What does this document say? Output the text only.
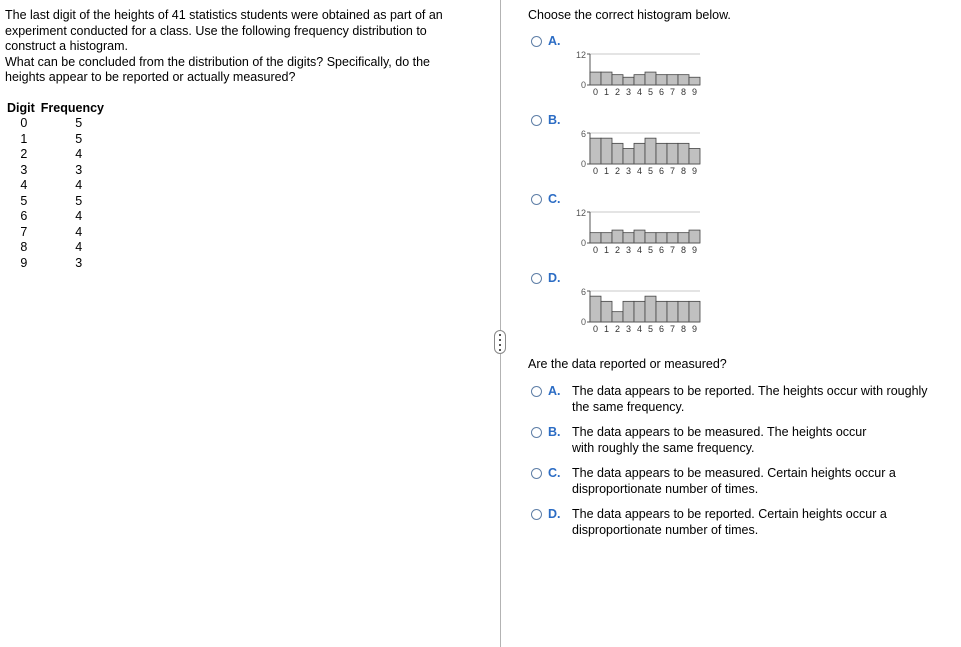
The last digit of the heights of 41 statistics students were obtained as part of an

experiment conducted for a class. Use the following frequency distribution to

construct a histogram.

What can be concluded from the distribution of the digits? Specifically, do the

heights appear to be reported or actually measured?

Digit	Frequency
0	5
1	5
2	4
3	3
4	4
5	5
6	4
7	4
8	4
9	3
Choose the correct histogram below.
A.
12
0
0 1 2 3 4 5 6 7 8 9
B.
6
0
0 1 2 3 4 5 6 7 8 9
C.
12
0
0 1 2 3 4 5 6 7 8 9
D.
6
0
0 1 2 3 4 5 6 7 8 9
Are the data reported or measured?
A. The data appears to be reported. The heights occur with roughly
the same frequency.
B. The data appears to be measured. The heights occur
with roughly the same frequency.
C. The data appears to be measured. Certain heights occur a
disproportionate number of times.
D. The data appears to be reported. Certain heights occur a
disproportionate number of times.
